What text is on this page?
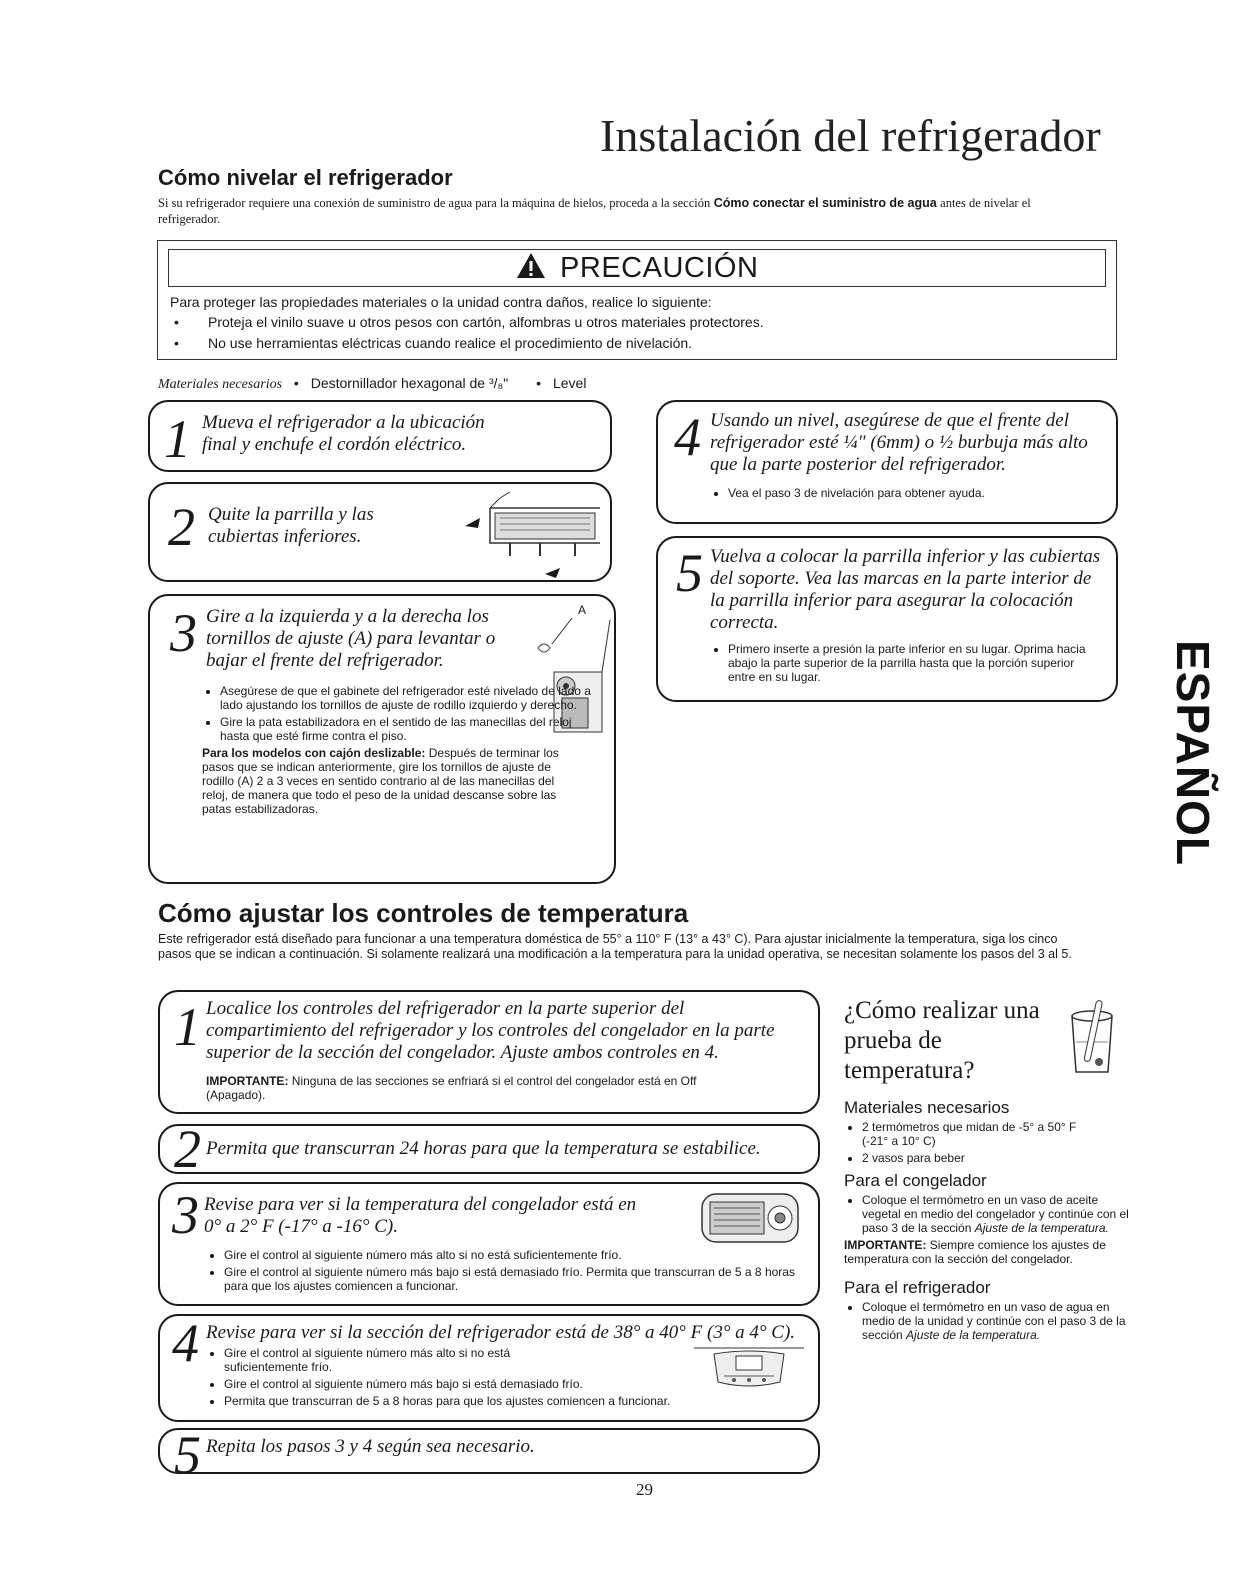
Instalación del refrigerador
Cómo nivelar el refrigerador
Si su refrigerador requiere una conexión de suministro de agua para la máquina de hielos, proceda a la sección Cómo conectar el suministro de agua antes de nivelar el refrigerador.
PRECAUCIÓN
Para proteger las propiedades materiales o la unidad contra daños, realice lo siguiente:
• Proteja el vinilo suave u otros pesos con cartón, alfombras u otros materiales protectores.
• No use herramientas eléctricas cuando realice el procedimiento de nivelación.
Materiales necesarios • Destornillador hexagonal de ³/₈" • Level
1 Mueva el refrigerador a la ubicación final y enchufe el cordón eléctrico.
2 Quite la parrilla y las cubiertas inferiores.
3 Gire a la izquierda y a la derecha los tornillos de ajuste (A) para levantar o bajar el frente del refrigerador.
A
• Asegúrese de que el gabinete del refrigerador esté nivelado de lado a lado ajustando los tornillos de ajuste de rodillo izquierdo y derecho.
• Gire la pata estabilizadora en el sentido de las manecillas del reloj hasta que esté firme contra el piso.

Para los modelos con cajón deslizable: Después de terminar los pasos que se indican anteriormente, gire los tornillos de ajuste de rodillo (A) 2 a 3 veces en sentido contrario al de las manecillas del reloj, de manera que todo el peso de la unidad descanse sobre las patas estabilizadoras.

4 Usando un nivel, asegúrese de que el frente del refrigerador esté ¼" (6mm) o ½ burbuja más alto que la parte posterior del refrigerador.
• Vea el paso 3 de nivelación para obtener ayuda.
5 Vuelva a colocar la parrilla inferior y las cubiertas del soporte. Vea las marcas en la parte interior de la parrilla inferior para asegurar la colocación correcta.
• Primero inserte a presión la parte inferior en su lugar. Oprima hacia abajo la parte superior de la parrilla hasta que la porción superior entre en su lugar.	ESPAÑOL
Cómo ajustar los controles de temperatura
Este refrigerador está diseñado para funcionar a una temperatura doméstica de 55° a 110° F (13° a 43° C). Para ajustar inicialmente la temperatura, siga los cinco pasos que se indican a continuación. Si solamente realizará una modificación a la temperatura para la unidad operativa, se necesitan solamente los pasos del 3 al 5.
1 Localice los controles del refrigerador en la parte superior del compartimiento del refrigerador y los controles del congelador en la parte superior de la sección del congelador. Ajuste ambos controles en 4.
IMPORTANTE: Ninguna de las secciones se enfriará si el control del congelador está en Off (Apagado).
2 Permita que transcurran 24 horas para que la temperatura se estabilice.
3 Revise para ver si la temperatura del congelador está en 0° a 2° F (-17° a -16° C).
• Gire el control al siguiente número más alto si no está suficientemente frío.
• Gire el control al siguiente número más bajo si está demasiado frío. Permita que transcurran de 5 a 8 horas para que los ajustes comiencen a funcionar.
4 Revise para ver si la sección del refrigerador está de 38° a 40° F (3° a 4° C).
• Gire el control al siguiente número más alto si no está suficientemente frío.
• Gire el control al siguiente número más bajo si está demasiado frío.
• Permita que transcurran de 5 a 8 horas para que los ajustes comiencen a funcionar.
5 Repita los pasos 3 y 4 según sea necesario.
¿Cómo realizar una prueba de temperatura?
Materiales necesarios
• 2 termómetros que midan de -5° a 50° F (-21° a 10° C)
• 2 vasos para beber
Para el congelador
• Coloque el termómetro en un vaso de aceite vegetal en medio del congelador y continúe con el paso 3 de la sección Ajuste de la temperatura.

IMPORTANTE: Siempre comience los ajustes de temperatura con la sección del congelador.

Para el refrigerador
• Coloque el termómetro en un vaso de agua en medio de la unidad y continúe con el paso 3 de la sección Ajuste de la temperatura.
29
